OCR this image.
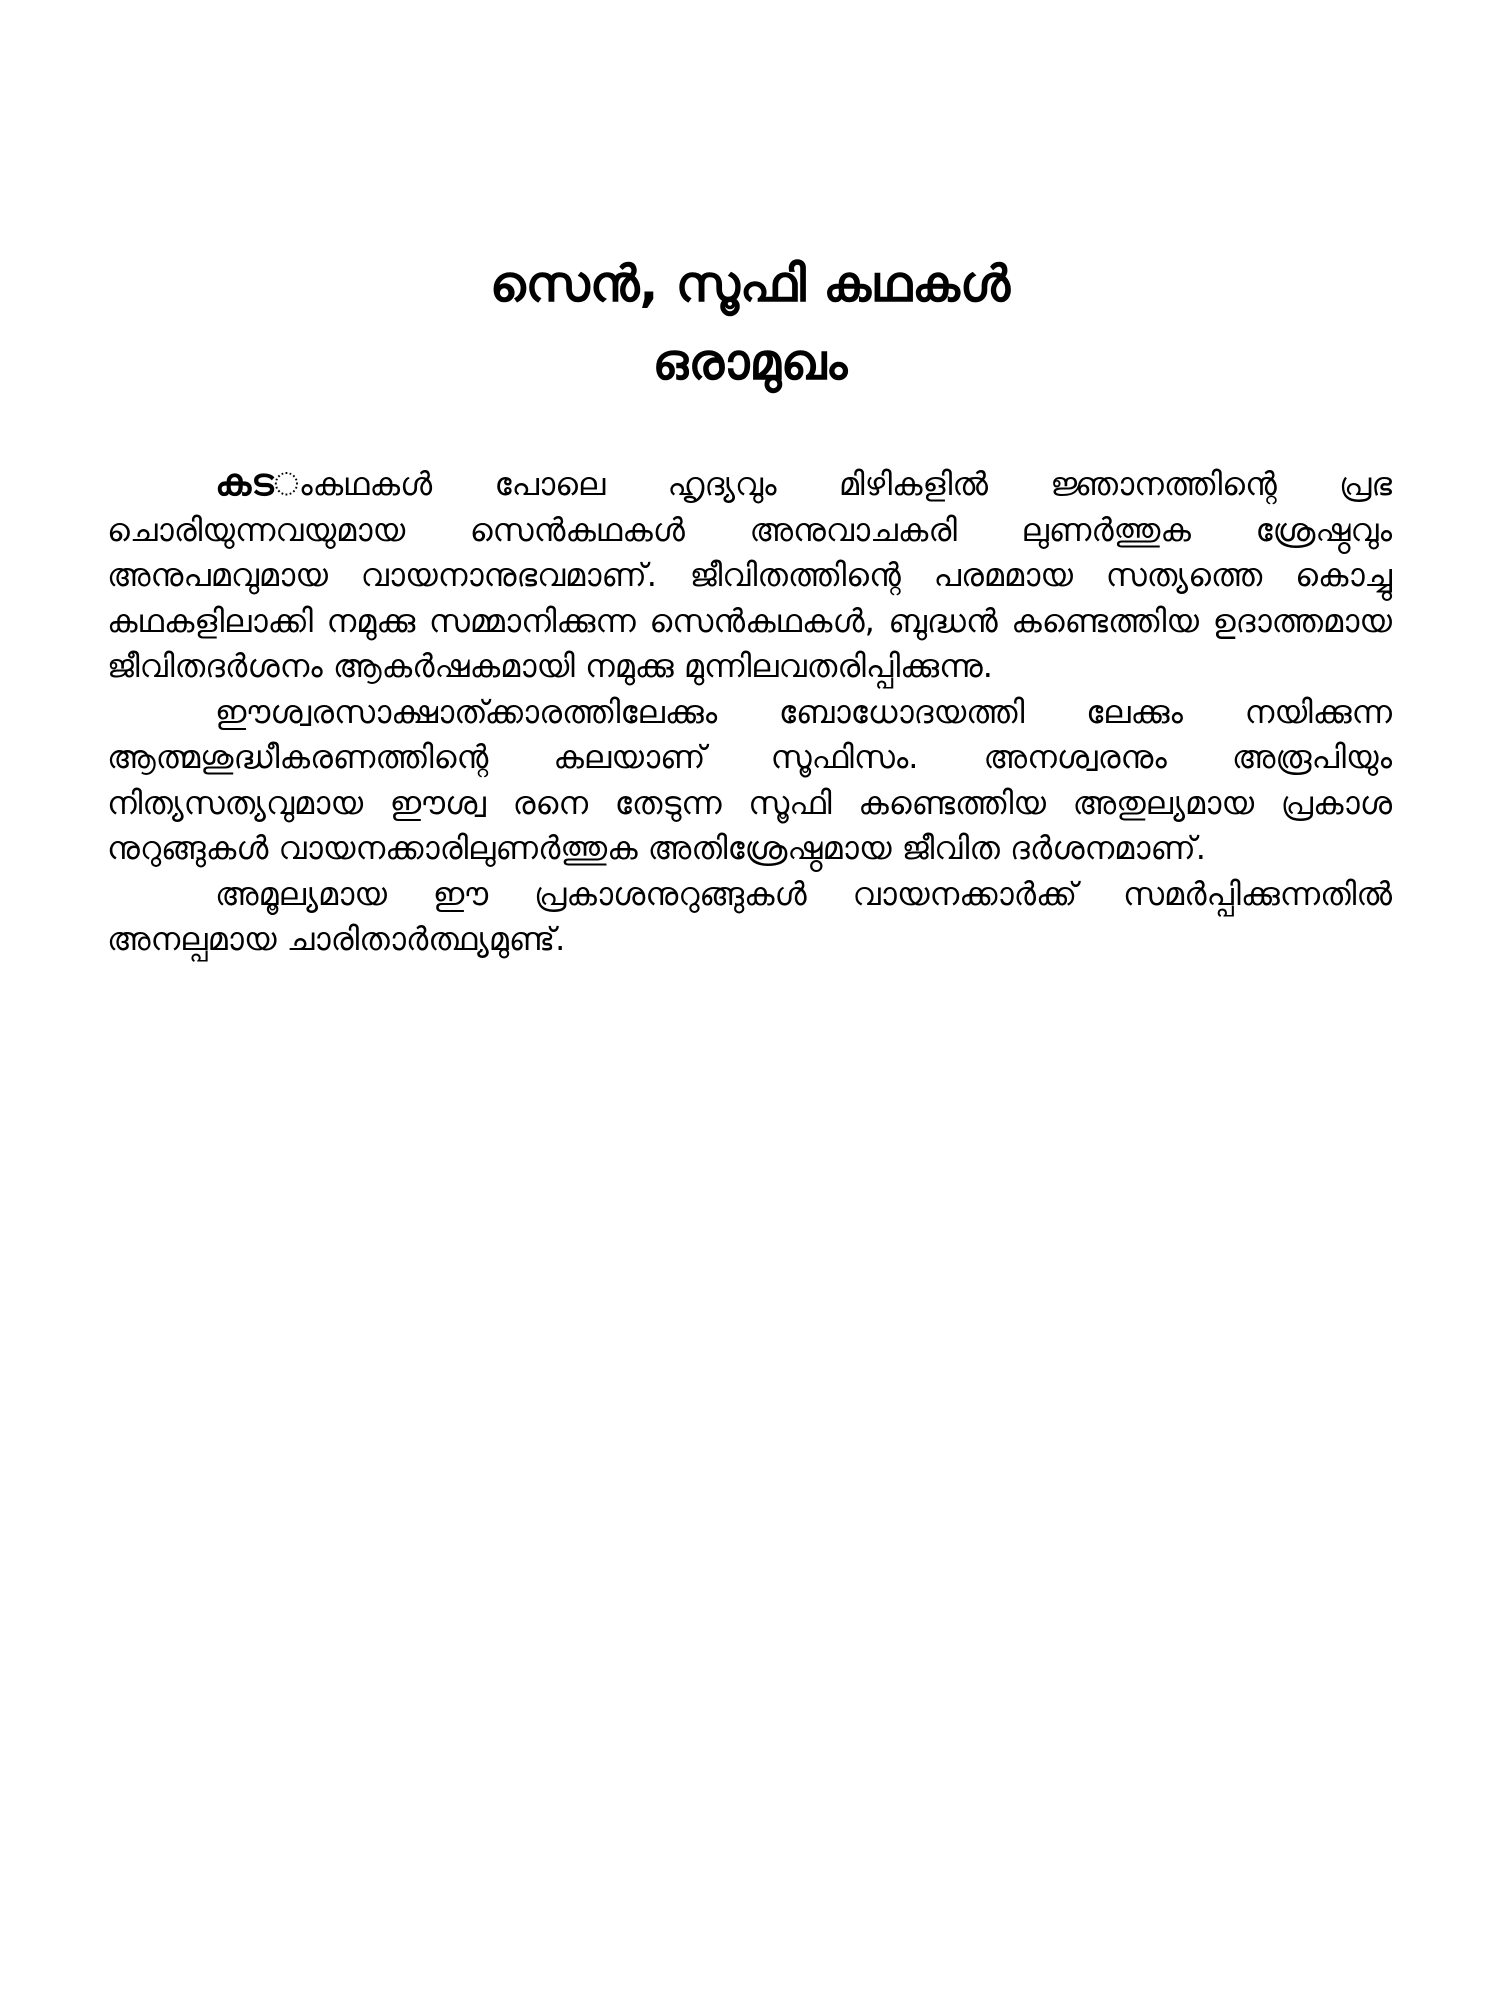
സെൻ, സൂഫി കഥകൾ
ഒരാമുഖം

കടംകഥകൾ പോലെ ഹൃദ്യവും മിഴികളിൽ ജ്ഞാനത്തിന്റെ പ്രഭ ചൊരിയുന്നവയുമായ സെൻകഥകൾ അനുവാചകരി ലുണർത്തുക ശ്രേഷ്ഠവും അനുപമവുമായ വായനാനുഭവമാണ്. ജീവിതത്തിന്റെ പരമമായ സത്യത്തെ കൊച്ചു കഥകളിലാക്കി നമുക്കു സമ്മാനിക്കുന്ന സെൻകഥകൾ, ബുദ്ധൻ കണ്ടെത്തിയ ഉദാത്തമായ ജീവിതദർശനം ആകർഷകമായി നമുക്കു മുന്നിലവതരിപ്പിക്കുന്നു.

ഈശ്വരസാക്ഷാത്ക്കാരത്തിലേക്കും ബോധോദയത്തി ലേക്കും നയിക്കുന്ന ആത്മശുദ്ധീകരണത്തിന്റെ കലയാണ് സൂഫിസം. അനശ്വരനും അരൂപിയും നിത്യസത്യവുമായ ഈശ്വ രനെ തേടുന്ന സൂഫി കണ്ടെത്തിയ അതുല്യമായ പ്രകാശ നുറുങ്ങുകൾ വായനക്കാരിലുണർത്തുക അതിശ്രേഷ്ഠമായ ജീവിത ദർശനമാണ്.

അമൂല്യമായ ഈ പ്രകാശനുറുങ്ങുകൾ വായനക്കാർക്ക് സമർപ്പിക്കുന്നതിൽ അനല്പമായ ചാരിതാർത്ഥ്യമുണ്ട്.
